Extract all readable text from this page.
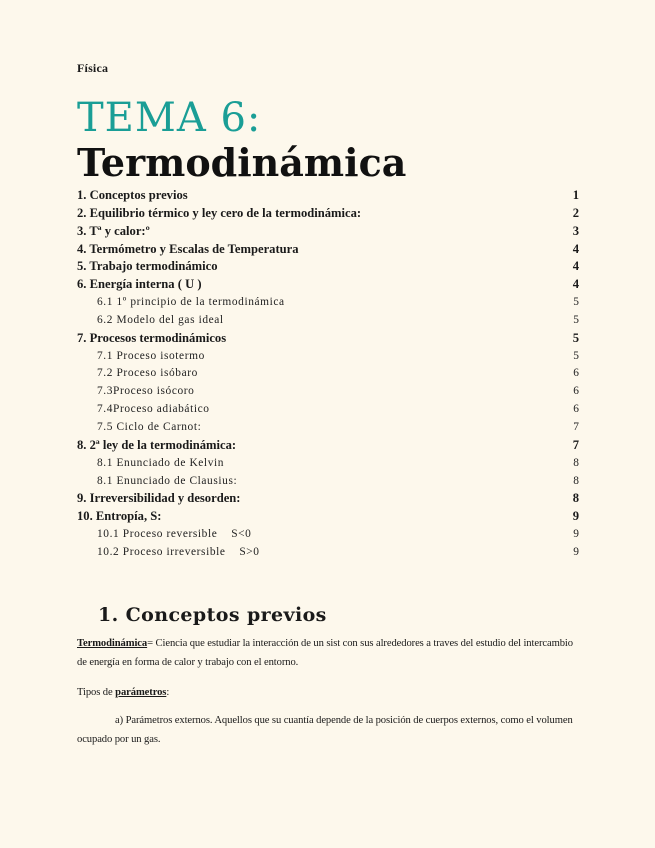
Física
TEMA 6:
Termodinámica
1. Conceptos previos	1
2. Equilibrio térmico y ley cero de la termodinámica:	2
3. Tª y calor:º	3
4. Termómetro y Escalas de Temperatura	4
5. Trabajo termodinámico	4
6. Energía interna ( U )	4
6.1 1º principio de la termodinámica	5
6.2 Modelo del gas ideal	5
7. Procesos termodinámicos	5
7.1 Proceso isotermo	5
7.2 Proceso isóbaro	6
7.3Proceso isócoro	6
7.4Proceso adiabático	6
7.5 Ciclo de Carnot:	7
8. 2ª ley de la termodinámica:	7
8.1 Enunciado de Kelvin	8
8.1 Enunciado de Clausius:	8
9. Irreversibilidad y desorden:	8
10. Entropía, S:	9
10.1 Proceso reversible    S<0	9
10.2 Proceso irreversible    S>0	9
1. Conceptos previos
Termodinámica= Ciencia que estudiar la interacción de un sist con sus alrededores a traves del estudio del intercambio de energía en forma de calor y trabajo con el entorno.
Tipos de parámetros:
a) Parámetros externos. Aquellos que su cuantía depende de la posición de cuerpos externos, como el volumen ocupado por un gas.
